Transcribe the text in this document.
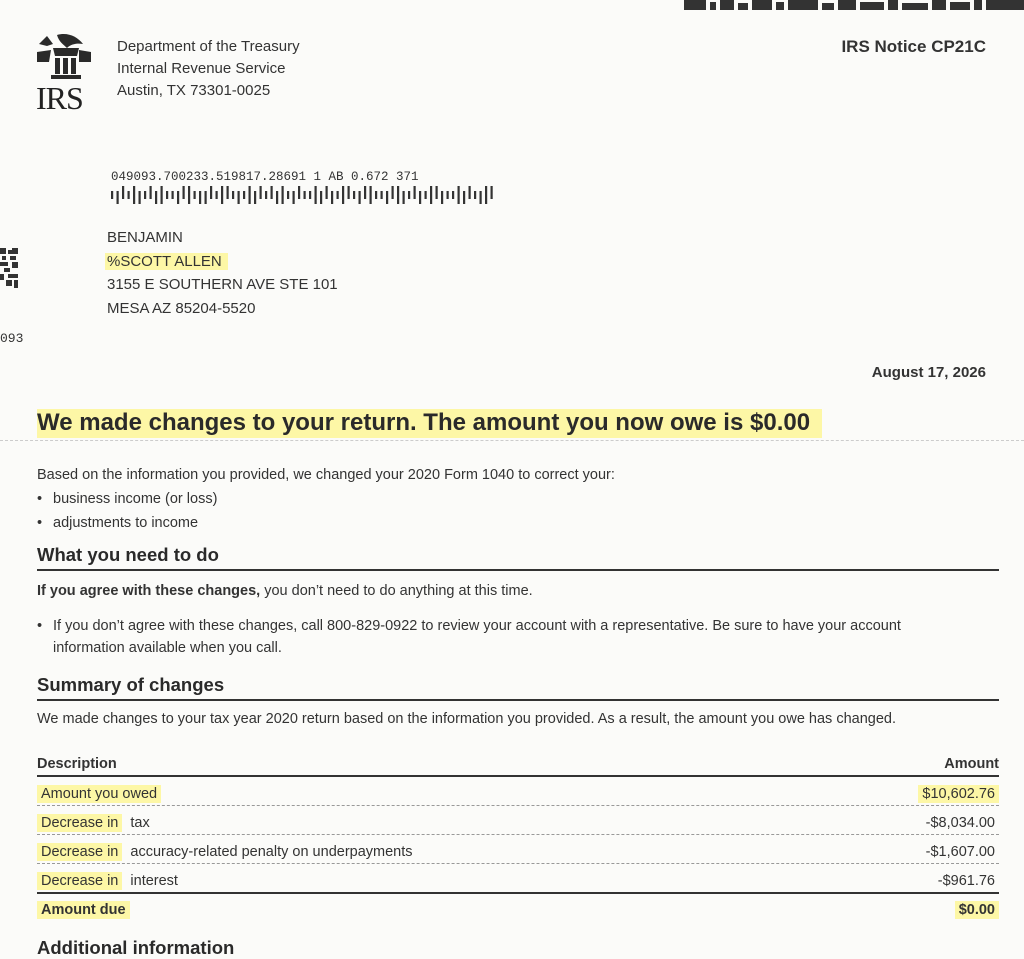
IRS
Department of the Treasury
Internal Revenue Service
Austin, TX 73301-0025
IRS Notice CP21C
093
049093.700233.519817.28691 1 AB 0.672 371
BENJAMIN
%SCOTT ALLEN
3155 E SOUTHERN AVE STE 101
MESA AZ 85204-5520
August 17, 2026
We made changes to your return. The amount you now owe is $0.00
Based on the information you provided, we changed your 2020 Form 1040 to correct your:
• business income (or loss)
• adjustments to income
What you need to do
If you agree with these changes, you don’t need to do anything at this time.
• If you don’t agree with these changes, call 800-829-0922 to review your account with a representative. Be sure to have your account information available when you call.
Summary of changes
We made changes to your tax year 2020 return based on the information you provided. As a result, the amount you owe has changed.
Description	Amount
Amount you owed	$10,602.76
Decrease in tax	-$8,034.00
Decrease in accuracy-related penalty on underpayments	-$1,607.00
Decrease in interest	-$961.76
Amount due	$0.00
Additional information
